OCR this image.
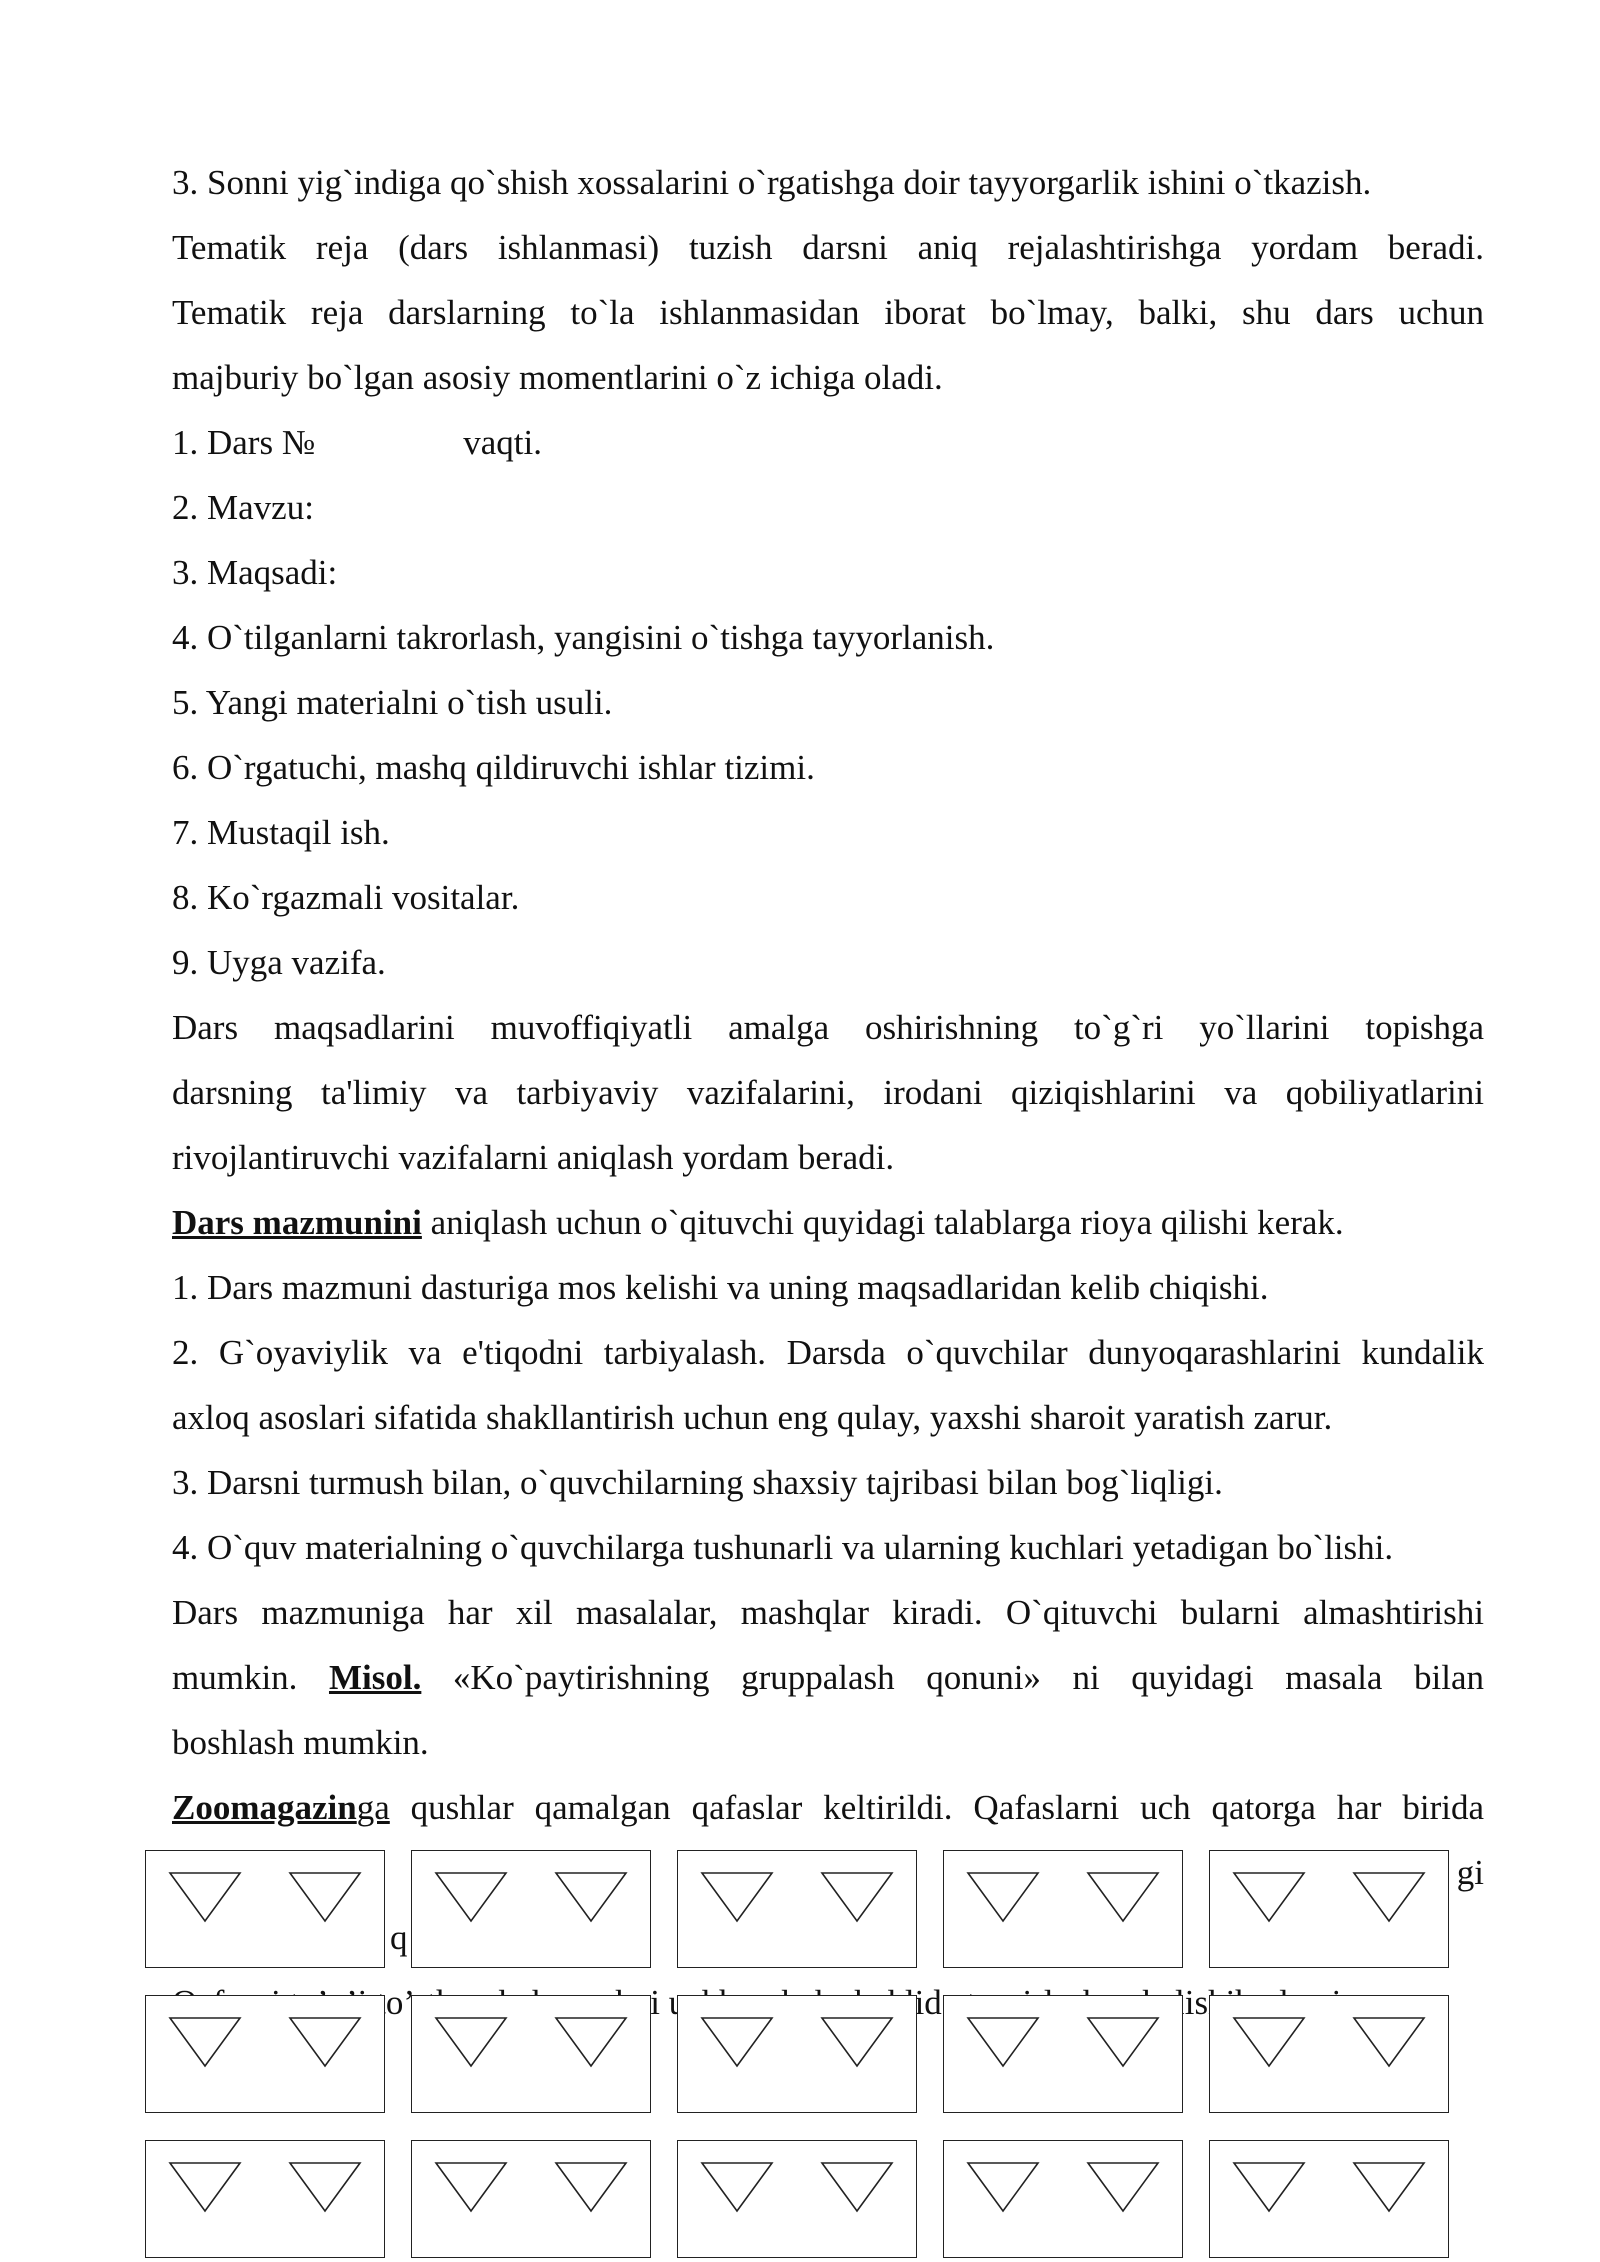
3. Sonni yig`indiga qo`shish xossalarini o`rgatishga doir tayyorgarlik ishini o`tkazish.
Tematik reja (dars ishlanmasi) tuzish darsni aniq rejalashtirishga yordam beradi.
Tematik reja darslarning to`la ishlanmasidan iborat bo`lmay, balki, shu dars uchun
majburiy bo`lgan asosiy momentlarini o`z ichiga oladi.
1. Dars №	vaqti.
2. Mavzu:
3. Maqsadi:
4. O`tilganlarni takrorlash, yangisini o`tishga tayyorlanish.
5. Yangi materialni o`tish usuli.
6. O`rgatuchi, mashq qildiruvchi ishlar tizimi.
7. Mustaqil ish.
8. Ko`rgazmali vositalar.
9. Uyga vazifa.
Dars maqsadlarini muvoffiqiyatli amalga oshirishning to`g`ri yo`llarini topishga
darsning ta'limiy va tarbiyaviy vazifalarini, irodani qiziqishlarini va qobiliyatlarini
rivojlantiruvchi vazifalarni aniqlash yordam beradi.
Dars mazmunini aniqlash uchun o`qituvchi quyidagi talablarga rioya qilishi kerak.
1. Dars mazmuni dasturiga mos kelishi va uning maqsadlaridan kelib chiqishi.
2. G`oyaviylik va e'tiqodni tarbiyalash. Darsda o`quvchilar dunyoqarashlarini kundalik
axloq asoslari sifatida shakllantirish uchun eng qulay, yaxshi sharoit yaratish zarur.
3. Darsni turmush bilan, o`quvchilarning shaxsiy tajribasi bilan bog`liqligi.
4. O`quv materialning o`quvchilarga tushunarli va ularning kuchlari yetadigan bo`lishi.
Dars mazmuniga har xil masalalar, mashqlar kiradi. O`qituvchi bularni almashtirishi
mumkin. Misol. «Ko`paytirishning gruppalash qonuni» ni quyidagi masala bilan
boshlash mumkin.
Zoomagazinga qushlar qamalgan qafaslar keltirildi. Qafaslarni uch qatorga har birida
gi
q
kelishib
